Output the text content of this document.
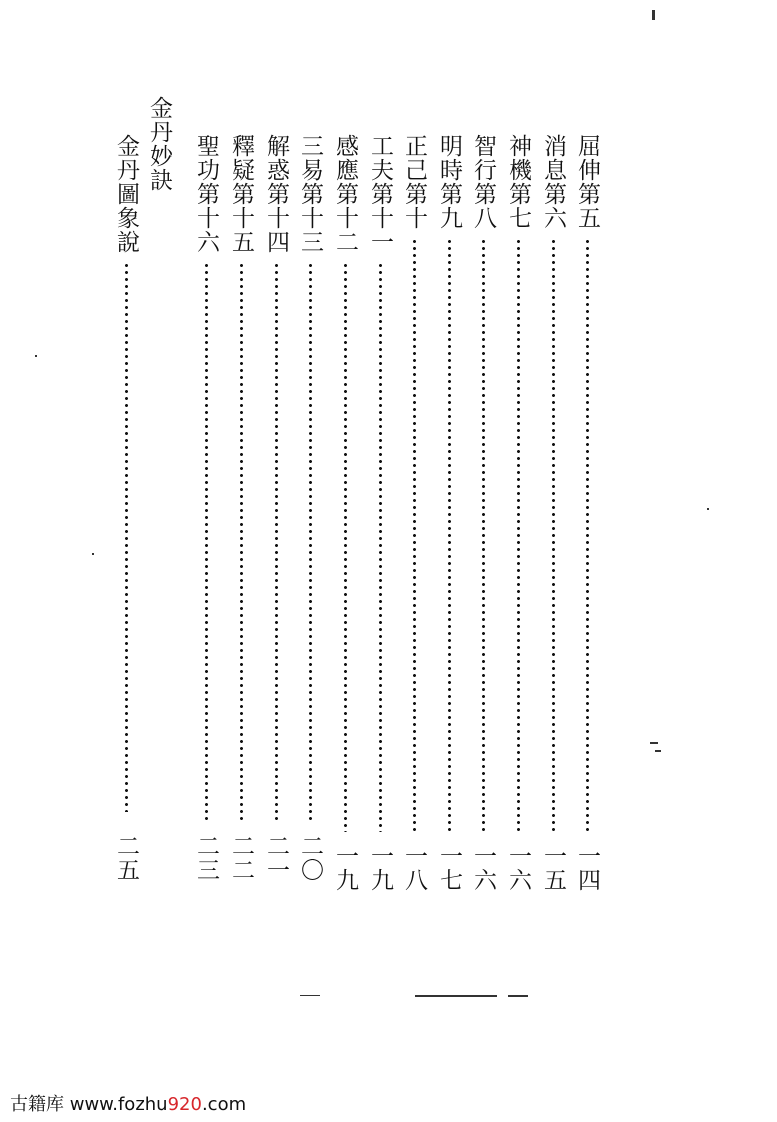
屈伸第五
一四
消息第六
一五
神機第七
一六
智行第八
一六
明時第九
一七
正己第十
一八
工夫第十一
一九
感應第十二
一九
三易第十三
二〇
解惑第十四
二一
釋疑第十五
二二
聖功第十六
二三
金丹妙訣
金丹圖象說
二五
古籍库 www.fozhu920.com
